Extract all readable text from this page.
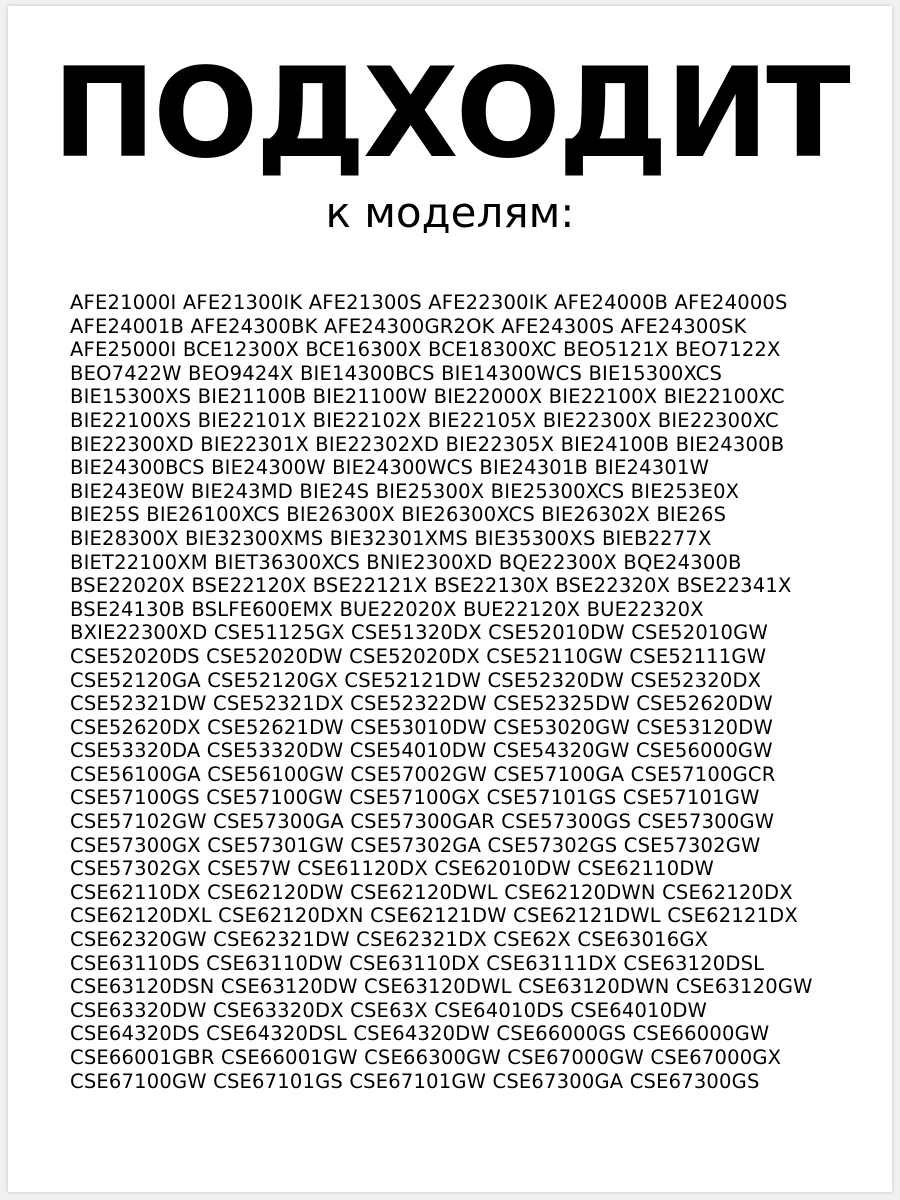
ПОДХОДИТ
к моделям:
AFE21000I AFE21300IK AFE21300S AFE22300IK AFE24000B AFE24000S
AFE24001B AFE24300BK AFE24300GR2OK AFE24300S AFE24300SK
AFE25000I BCE12300X BCE16300X BCE18300XC BEO5121X BEO7122X
BEO7422W BEO9424X BIE14300BCS BIE14300WCS BIE15300XCS
BIE15300XS BIE21100B BIE21100W BIE22000X BIE22100X BIE22100XC
BIE22100XS BIE22101X BIE22102X BIE22105X BIE22300X BIE22300XC
BIE22300XD BIE22301X BIE22302XD BIE22305X BIE24100B BIE24300B
BIE24300BCS BIE24300W BIE24300WCS BIE24301B BIE24301W
BIE243E0W BIE243MD BIE24S BIE25300X BIE25300XCS BIE253E0X
BIE25S BIE26100XCS BIE26300X BIE26300XCS BIE26302X BIE26S
BIE28300X BIE32300XMS BIE32301XMS BIE35300XS BIEB2277X
BIET22100XM BIET36300XCS BNIE2300XD BQE22300X BQE24300B
BSE22020X BSE22120X BSE22121X BSE22130X BSE22320X BSE22341X
BSE24130B BSLFE600EMX BUE22020X BUE22120X BUE22320X
BXIE22300XD CSE51125GX CSE51320DX CSE52010DW CSE52010GW
CSE52020DS CSE52020DW CSE52020DX CSE52110GW CSE52111GW
CSE52120GA CSE52120GX CSE52121DW CSE52320DW CSE52320DX
CSE52321DW CSE52321DX CSE52322DW CSE52325DW CSE52620DW
CSE52620DX CSE52621DW CSE53010DW CSE53020GW CSE53120DW
CSE53320DA CSE53320DW CSE54010DW CSE54320GW CSE56000GW
CSE56100GA CSE56100GW CSE57002GW CSE57100GA CSE57100GCR
CSE57100GS CSE57100GW CSE57100GX CSE57101GS CSE57101GW
CSE57102GW CSE57300GA CSE57300GAR CSE57300GS CSE57300GW
CSE57300GX CSE57301GW CSE57302GA CSE57302GS CSE57302GW
CSE57302GX CSE57W CSE61120DX CSE62010DW CSE62110DW
CSE62110DX CSE62120DW CSE62120DWL CSE62120DWN CSE62120DX
CSE62120DXL CSE62120DXN CSE62121DW CSE62121DWL CSE62121DX
CSE62320GW CSE62321DW CSE62321DX CSE62X CSE63016GX
CSE63110DS CSE63110DW CSE63110DX CSE63111DX CSE63120DSL
CSE63120DSN CSE63120DW CSE63120DWL CSE63120DWN CSE63120GW
CSE63320DW CSE63320DX CSE63X CSE64010DS CSE64010DW
CSE64320DS CSE64320DSL CSE64320DW CSE66000GS CSE66000GW
CSE66001GBR CSE66001GW CSE66300GW CSE67000GW CSE67000GX
CSE67100GW CSE67101GS CSE67101GW CSE67300GA CSE67300GS
